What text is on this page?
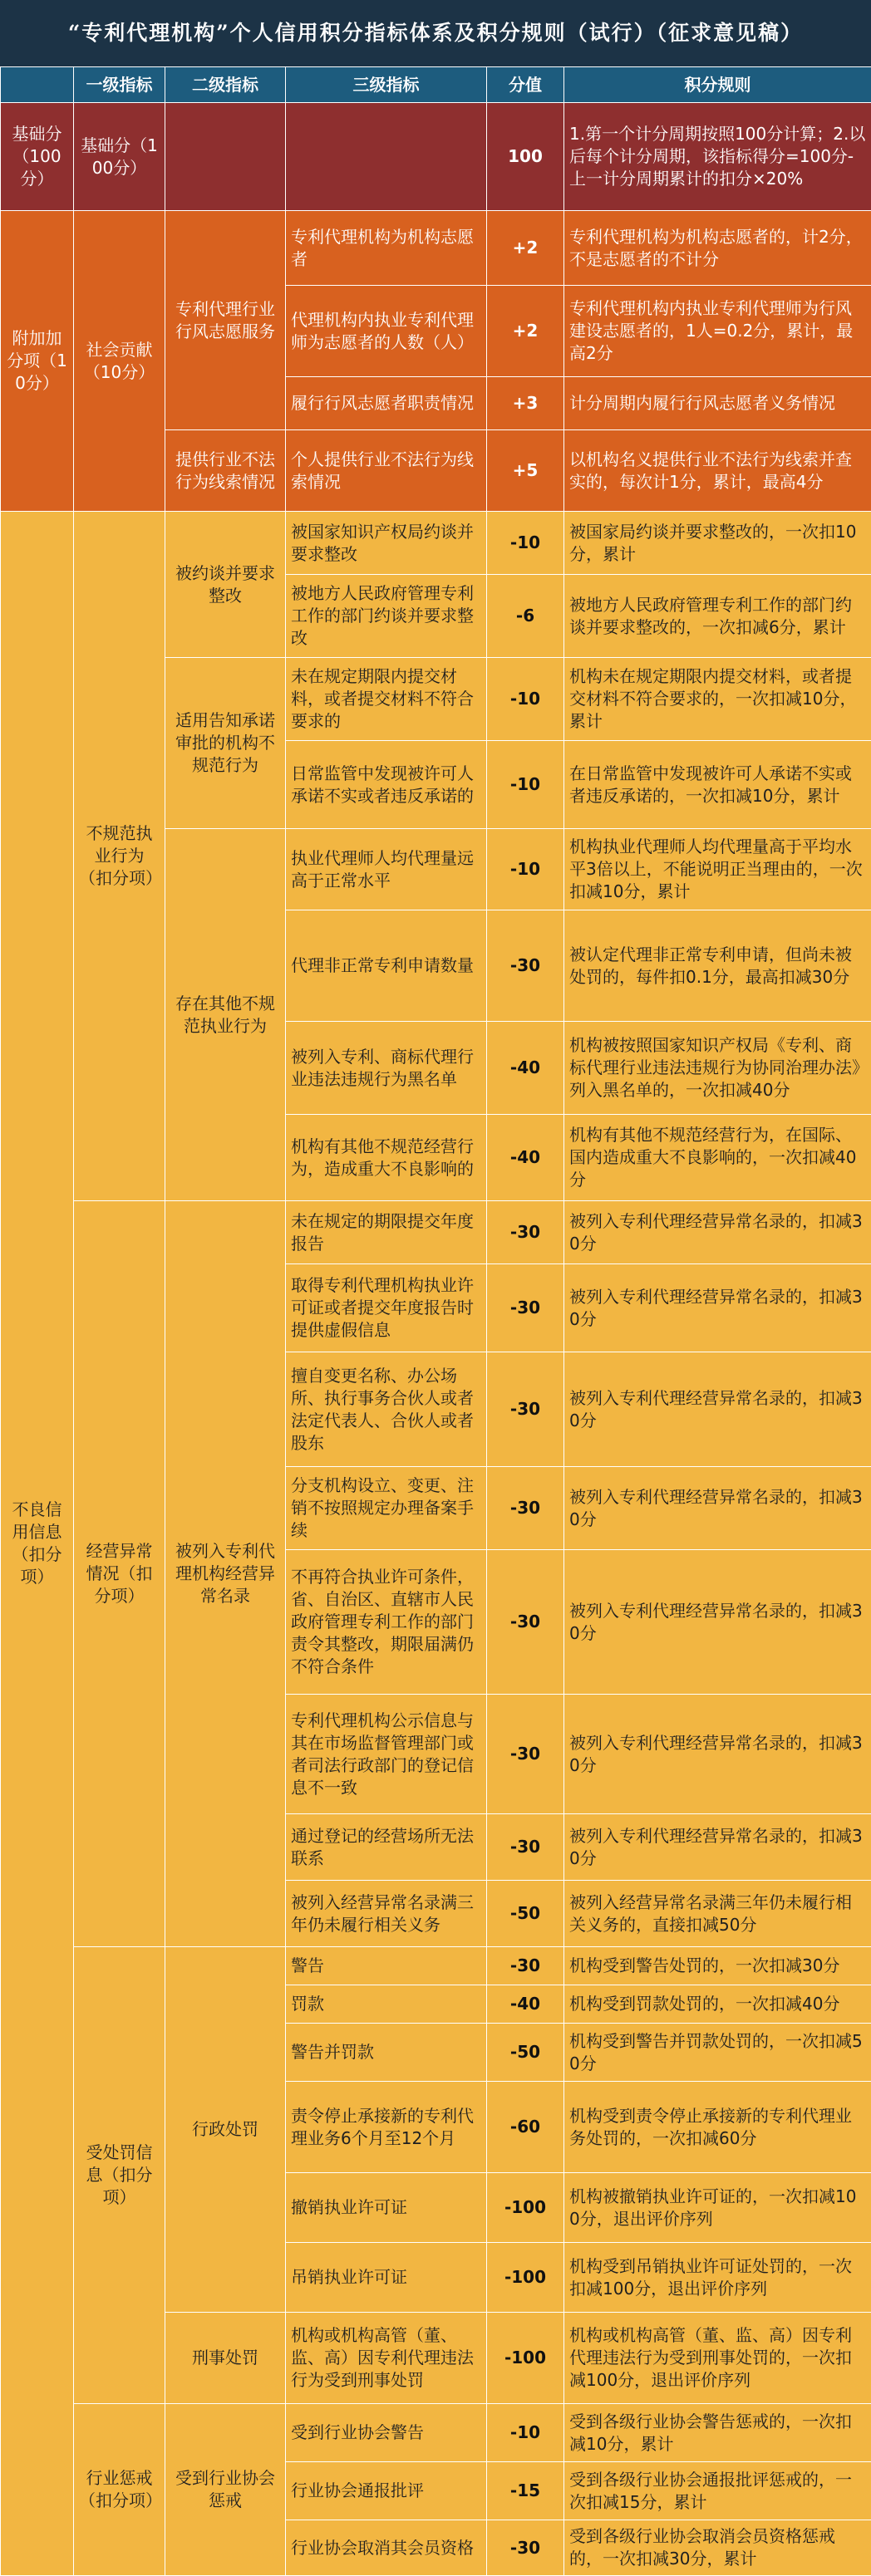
“专利代理机构”个人信用积分指标体系及积分规则（试行）（征求意见稿）
	一级指标	二级指标	三级指标	分值	积分规则
基础分（100分）	基础分（100分）			100	1.第一个计分周期按照100分计算；2.以后每个计分周期，该指标得分=100分-上一计分周期累计的扣分×20%
附加加分项（10分）	社会贡献（10分）	专利代理行业行风志愿服务	专利代理机构为机构志愿者	+2	专利代理机构为机构志愿者的，计2分，不是志愿者的不计分
			代理机构内执业专利代理师为志愿者的人数（人）	+2	专利代理机构内执业专利代理师为行风建设志愿者的，1人=0.2分，累计，最高2分
			履行行风志愿者职责情况	+3	计分周期内履行行风志愿者义务情况
		提供行业不法行为线索情况	个人提供行业不法行为线索情况	+5	以机构名义提供行业不法行为线索并查实的，每次计1分，累计，最高4分
不良信用信息（扣分项）	不规范执业行为（扣分项）	被约谈并要求整改	被国家知识产权局约谈并要求整改	-10	被国家局约谈并要求整改的，一次扣10分，累计
			被地方人民政府管理专利工作的部门约谈并要求整改	-6	被地方人民政府管理专利工作的部门约谈并要求整改的，一次扣减6分，累计
		适用告知承诺审批的机构不规范行为	未在规定期限内提交材料，或者提交材料不符合要求的	-10	机构未在规定期限内提交材料，或者提交材料不符合要求的，一次扣减10分，累计
			日常监管中发现被许可人承诺不实或者违反承诺的	-10	在日常监管中发现被许可人承诺不实或者违反承诺的，一次扣减10分，累计
		存在其他不规范执业行为	执业代理师人均代理量远高于正常水平	-10	机构执业代理师人均代理量高于平均水平3倍以上，不能说明正当理由的，一次扣减10分，累计
			代理非正常专利申请数量	-30	被认定代理非正常专利申请，但尚未被处罚的，每件扣0.1分，最高扣减30分
			被列入专利、商标代理行业违法违规行为黑名单	-40	机构被按照国家知识产权局《专利、商标代理行业违法违规行为协同治理办法》列入黑名单的，一次扣减40分
			机构有其他不规范经营行为，造成重大不良影响的	-40	机构有其他不规范经营行为，在国际、国内造成重大不良影响的，一次扣减40分
	经营异常情况（扣分项）	被列入专利代理机构经营异常名录	未在规定的期限提交年度报告	-30	被列入专利代理经营异常名录的，扣减30分
			取得专利代理机构执业许可证或者提交年度报告时提供虚假信息	-30	被列入专利代理经营异常名录的，扣减30分
			擅自变更名称、办公场所、执行事务合伙人或者法定代表人、合伙人或者股东	-30	被列入专利代理经营异常名录的，扣减30分
			分支机构设立、变更、注销不按照规定办理备案手续	-30	被列入专利代理经营异常名录的，扣减30分
			不再符合执业许可条件，省、自治区、直辖市人民政府管理专利工作的部门责令其整改，期限届满仍不符合条件	-30	被列入专利代理经营异常名录的，扣减30分
			专利代理机构公示信息与其在市场监督管理部门或者司法行政部门的登记信息不一致	-30	被列入专利代理经营异常名录的，扣减30分
			通过登记的经营场所无法联系	-30	被列入专利代理经营异常名录的，扣减30分
			被列入经营异常名录满三年仍未履行相关义务	-50	被列入经营异常名录满三年仍未履行相关义务的，直接扣减50分
	受处罚信息（扣分项）	行政处罚	警告	-30	机构受到警告处罚的，一次扣减30分
			罚款	-40	机构受到罚款处罚的，一次扣减40分
			警告并罚款	-50	机构受到警告并罚款处罚的，一次扣减50分
			责令停止承接新的专利代理业务6个月至12个月	-60	机构受到责令停止承接新的专利代理业务处罚的，一次扣减60分
			撤销执业许可证	-100	机构被撤销执业许可证的，一次扣减100分，退出评价序列
			吊销执业许可证	-100	机构受到吊销执业许可证处罚的，一次扣减100分，退出评价序列
		刑事处罚	机构或机构高管（董、监、高）因专利代理违法行为受到刑事处罚	-100	机构或机构高管（董、监、高）因专利代理违法行为受到刑事处罚的，一次扣减100分，退出评价序列
	行业惩戒（扣分项）	受到行业协会惩戒	受到行业协会警告	-10	受到各级行业协会警告惩戒的，一次扣减10分，累计
			行业协会通报批评	-15	受到各级行业协会通报批评惩戒的，一次扣减15分，累计
			行业协会取消其会员资格	-30	受到各级行业协会取消会员资格惩戒的，一次扣减30分，累计
